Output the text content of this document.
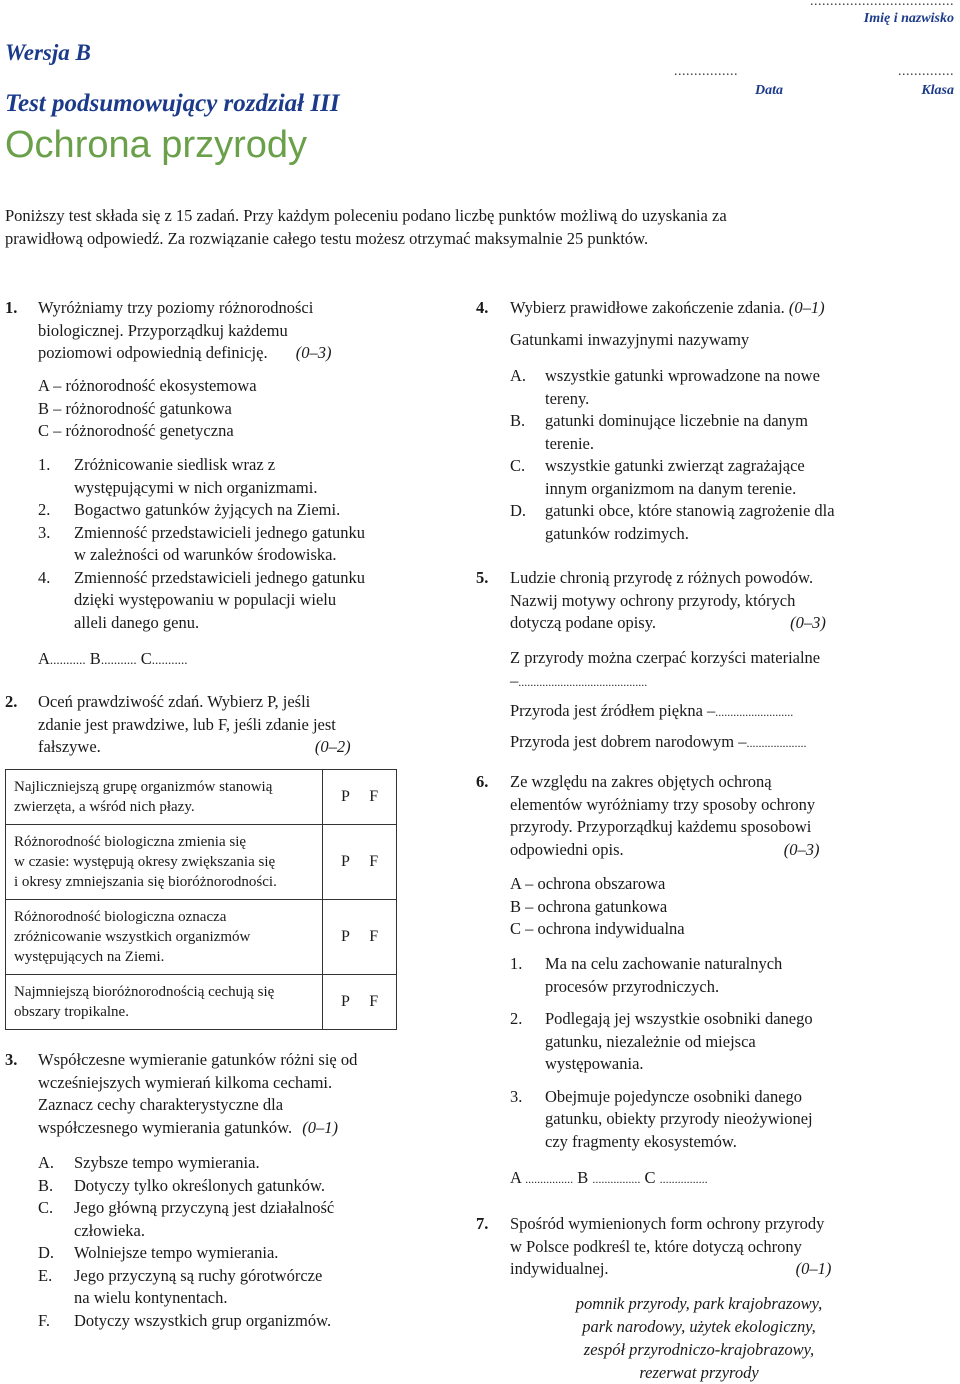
Wersja B
Test podsumowujący rozdział III
Ochrona przyrody
....................................
Imię i nazwisko
................
Data
..............
Klasa
Poniższy test składa się z 15 zadań. Przy każdym poleceniu podano liczbę punktów możliwą do uzyskania za
prawidłową odpowiedź. Za rozwiązanie całego testu możesz otrzymać maksymalnie 25 punktów.
1. Wyróżniamy trzy poziomy różnorodności
biologicznej. Przyporządkuj każdemu
poziomowi odpowiednią definicję. (0–3)
A – różnorodność ekosystemowa
B – różnorodność gatunkowa
C – różnorodność genetyczna
1. Zróżnicowanie siedlisk wraz z
występującymi w nich organizmami.
2. Bogactwo gatunków żyjących na Ziemi.
3. Zmienność przedstawicieli jednego gatunku
w zależności od warunków środowiska.
4. Zmienność przedstawicieli jednego gatunku
dzięki występowaniu w populacji wielu
alleli danego genu.
A........... B........... C...........
2. Oceń prawdziwość zdań. Wybierz P, jeśli
zdanie jest prawdziwe, lub F, jeśli zdanie jest
fałszywe.	(0–2)
Najliczniejszą grupę organizmów stanowią
zwierzęta, a wśród nich płazy.	P F

Różnorodność biologiczna zmienia się
w czasie: występują okresy zwiększania się
i okresy zmniejszania się bioróżnorodności.	P F

Różnorodność biologiczna oznacza
zróżnicowanie wszystkich organizmów
występujących na Ziemi.	P F

Najmniejszą bioróżnorodnością cechują się
obszary tropikalne.	P F
3. Współczesne wymieranie gatunków różni się od
wcześniejszych wymierań kilkoma cechami.
Zaznacz cechy charakterystyczne dla
współczesnego wymierania gatunków. (0–1)
A. Szybsze tempo wymierania.
B. Dotyczy tylko określonych gatunków.
C. Jego główną przyczyną jest działalność
człowieka.
D. Wolniejsze tempo wymierania.
E. Jego przyczyną są ruchy górotwórcze
na wielu kontynentach.
F. Dotyczy wszystkich grup organizmów.
4. Wybierz prawidłowe zakończenie zdania. (0–1)
Gatunkami inwazyjnymi nazywamy
A. wszystkie gatunki wprowadzone na nowe
tereny.
B. gatunki dominujące liczebnie na danym
terenie.
C. wszystkie gatunki zwierząt zagrażające
innym organizmom na danym terenie.
D. gatunki obce, które stanowią zagrożenie dla
gatunków rodzimych.
5. Ludzie chronią przyrodę z różnych powodów.
Nazwij motywy ochrony przyrody, których
dotyczą podane opisy.	(0–3)
Z przyrody można czerpać korzyści materialne
–...........................................
Przyroda jest źródłem piękna –..........................
Przyroda jest dobrem narodowym –....................
6. Ze względu na zakres objętych ochroną
elementów wyróżniamy trzy sposoby ochrony
przyrody. Przyporządkuj każdemu sposobowi
odpowiedni opis.	(0–3)
A – ochrona obszarowa
B – ochrona gatunkowa
C – ochrona indywidualna
1. Ma na celu zachowanie naturalnych
procesów przyrodniczych.
2. Podlegają jej wszystkie osobniki danego
gatunku, niezależnie od miejsca
występowania.
3. Obejmuje pojedyncze osobniki danego
gatunku, obiekty przyrody nieożywionej
czy fragmenty ekosystemów.
A ................ B ................ C ................
7. Spośród wymienionych form ochrony przyrody
w Polsce podkreśl te, które dotyczą ochrony
indywidualnej.	(0–1)
pomnik przyrody, park krajobrazowy,
park narodowy, użytek ekologiczny,
zespół przyrodniczo-krajobrazowy,
rezerwat przyrody
